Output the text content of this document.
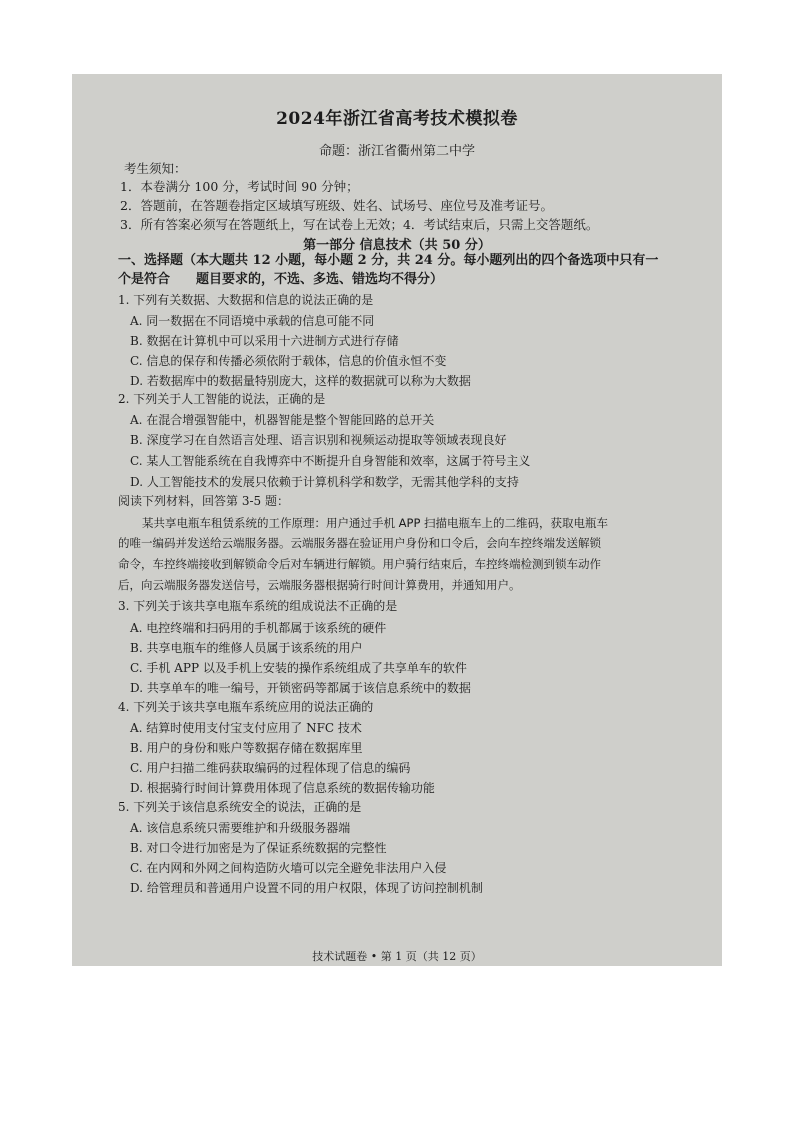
2024年浙江省高考技术模拟卷
命题：浙江省衢州第二中学
考生须知：
1．本卷满分 100 分，考试时间 90 分钟；
2．答题前，在答题卷指定区域填写班级、姓名、试场号、座位号及准考证号。
3．所有答案必须写在答题纸上，写在试卷上无效；4．考试结束后，只需上交答题纸。
第一部分 信息技术（共 50 分）
一、选择题（本大题共 12 小题，每小题 2 分，共 24 分。每小题列出的四个备选项中只有一
个是符合　　题目要求的，不选、多选、错选均不得分）
1. 下列有关数据、大数据和信息的说法正确的是
A. 同一数据在不同语境中承载的信息可能不同
B. 数据在计算机中可以采用十六进制方式进行存储
C. 信息的保存和传播必须依附于载体，信息的价值永恒不变
D. 若数据库中的数据量特别庞大，这样的数据就可以称为大数据
2. 下列关于人工智能的说法，正确的是
A. 在混合增强智能中，机器智能是整个智能回路的总开关
B. 深度学习在自然语言处理、语言识别和视频运动提取等领域表现良好
C. 某人工智能系统在自我博弈中不断提升自身智能和效率，这属于符号主义
D. 人工智能技术的发展只依赖于计算机科学和数学，无需其他学科的支持
阅读下列材料，回答第 3-5 题：
某共享电瓶车租赁系统的工作原理：用户通过手机 APP 扫描电瓶车上的二维码，获取电瓶车
的唯一编码并发送给云端服务器。云端服务器在验证用户身份和口令后，会向车控终端发送解锁
命令，车控终端接收到解锁命令后对车辆进行解锁。用户骑行结束后，车控终端检测到锁车动作
后，向云端服务器发送信号，云端服务器根据骑行时间计算费用，并通知用户。
3. 下列关于该共享电瓶车系统的组成说法不正确的是
A. 电控终端和扫码用的手机都属于该系统的硬件
B. 共享电瓶车的维修人员属于该系统的用户
C. 手机 APP 以及手机上安装的操作系统组成了共享单车的软件
D. 共享单车的唯一编号，开锁密码等都属于该信息系统中的数据
4. 下列关于该共享电瓶车系统应用的说法正确的
A. 结算时使用支付宝支付应用了 NFC 技术
B. 用户的身份和账户等数据存储在数据库里
C. 用户扫描二维码获取编码的过程体现了信息的编码
D. 根据骑行时间计算费用体现了信息系统的数据传输功能
5. 下列关于该信息系统安全的说法，正确的是
A. 该信息系统只需要维护和升级服务器端
B. 对口令进行加密是为了保证系统数据的完整性
C. 在内网和外网之间构造防火墙可以完全避免非法用户入侵
D. 给管理员和普通用户设置不同的用户权限，体现了访问控制机制
技术试题卷 • 第 1 页（共 12 页）
